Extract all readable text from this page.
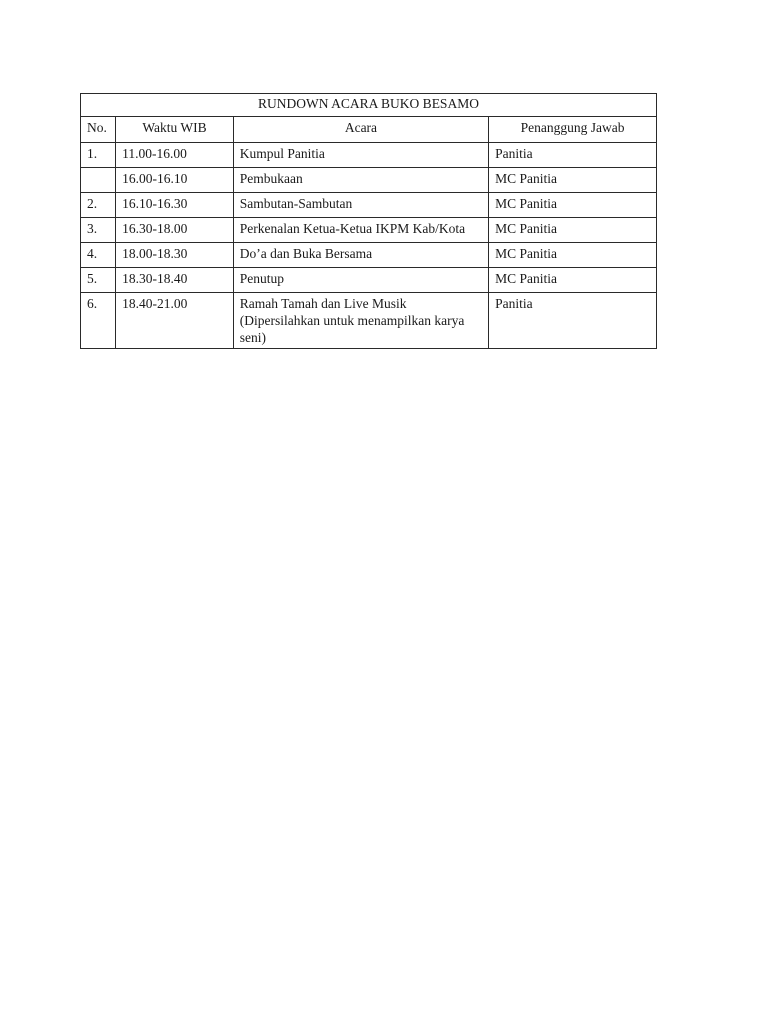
RUNDOWN ACARA BUKO BESAMO			
No.	Waktu WIB	Acara	Penanggung Jawab
1.	11.00-16.00	Kumpul Panitia	Panitia
	16.00-16.10	Pembukaan	MC Panitia
2.	16.10-16.30	Sambutan-Sambutan	MC Panitia
3.	16.30-18.00	Perkenalan Ketua-Ketua IKPM Kab/Kota	MC Panitia
4.	18.00-18.30	Do’a dan Buka Bersama	MC Panitia
5.	18.30-18.40	Penutup	MC Panitia
6.	18.40-21.00	Ramah Tamah dan Live Musik (Dipersilahkan untuk menampilkan karya seni)	Panitia
